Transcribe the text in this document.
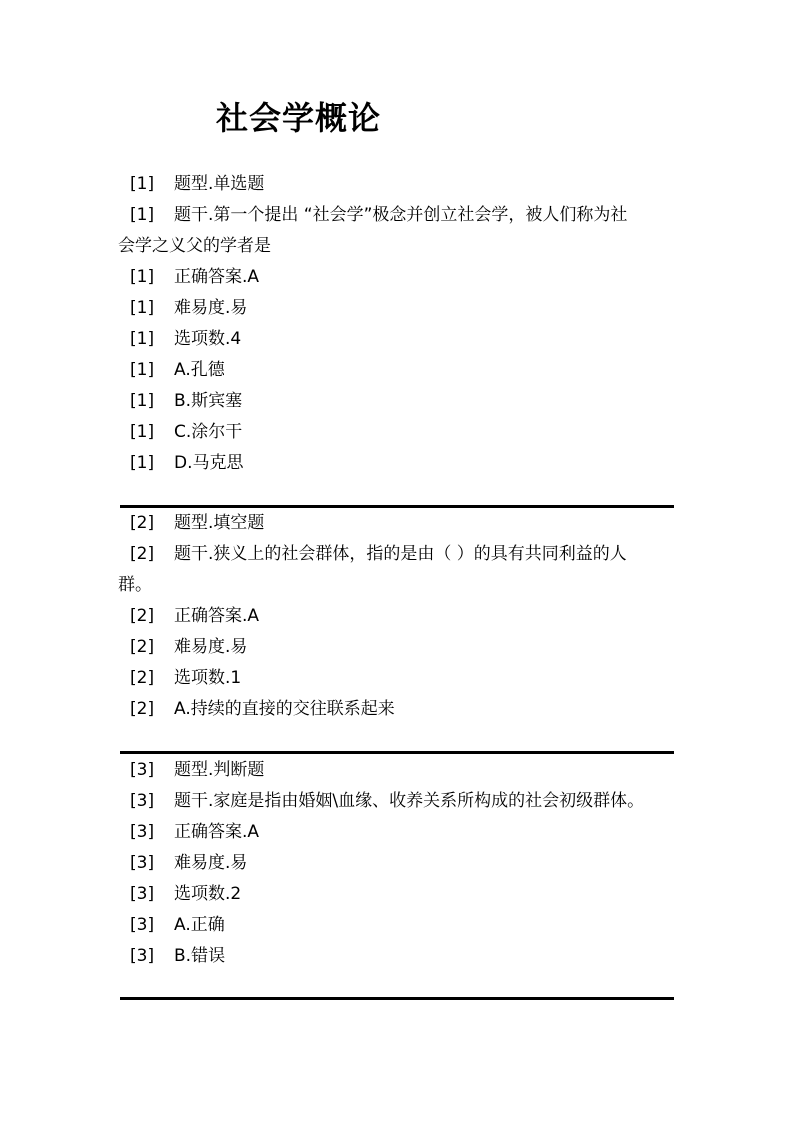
社会学概论
[1] 题型.单选题
[1] 题干.第一个提出 “社会学”极念并创立社会学，被人们称为社
会学之义父的学者是
[1] 正确答案.A
[1] 难易度.易
[1] 选项数.4
[1] A.孔德
[1] B.斯宾塞
[1] C.涂尔干
[1] D.马克思
[2] 题型.填空题
[2] 题干.狭义上的社会群体，指的是由（ ）的具有共同利益的人
群。
[2] 正确答案.A
[2] 难易度.易
[2] 选项数.1
[2] A.持续的直接的交往联系起来
[3] 题型.判断题
[3] 题干.家庭是指由婚姻\血缘、收养关系所构成的社会初级群体。
[3] 正确答案.A
[3] 难易度.易
[3] 选项数.2
[3] A.正确
[3] B.错误
